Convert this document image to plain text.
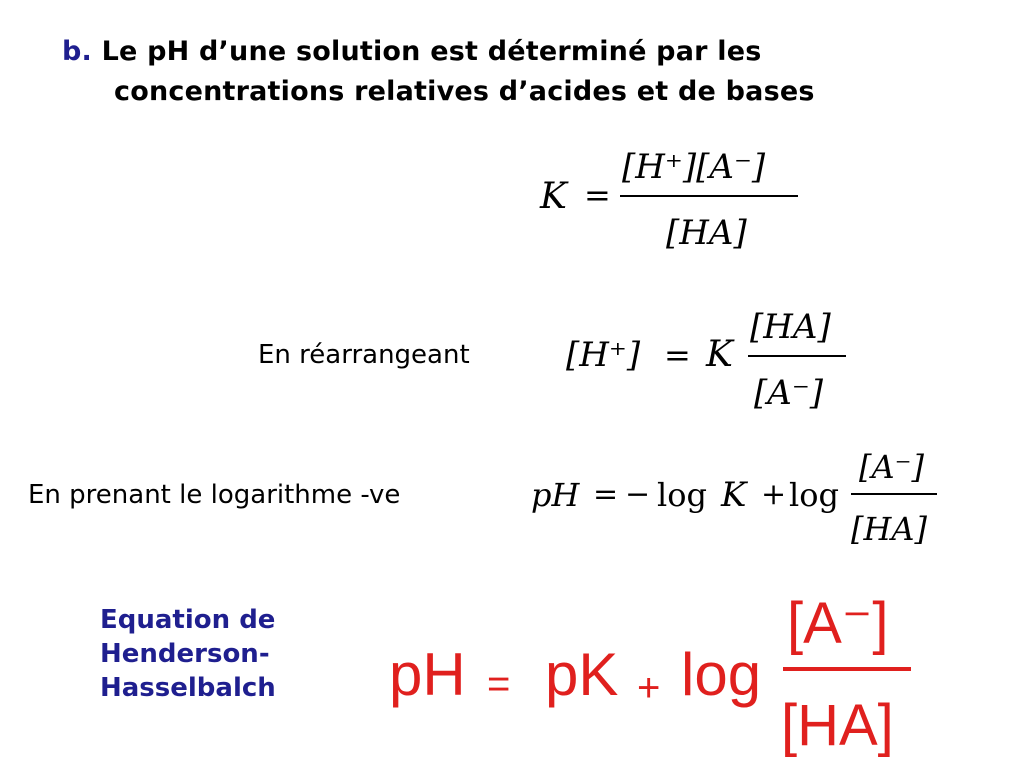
b. Le pH d’une solution est déterminé par les
concentrations relatives d’acides et de bases
K =
[H⁺][A⁻]
[HA]
En réarrangeant	[H⁺] = K
[HA]
[A⁻]
En prenant le logarithme -ve	pH = − log K + log
[A⁻]
[HA]
Equation de
Henderson-
Hasselbalch pH = pK + log
[A⁻]
[HA]
